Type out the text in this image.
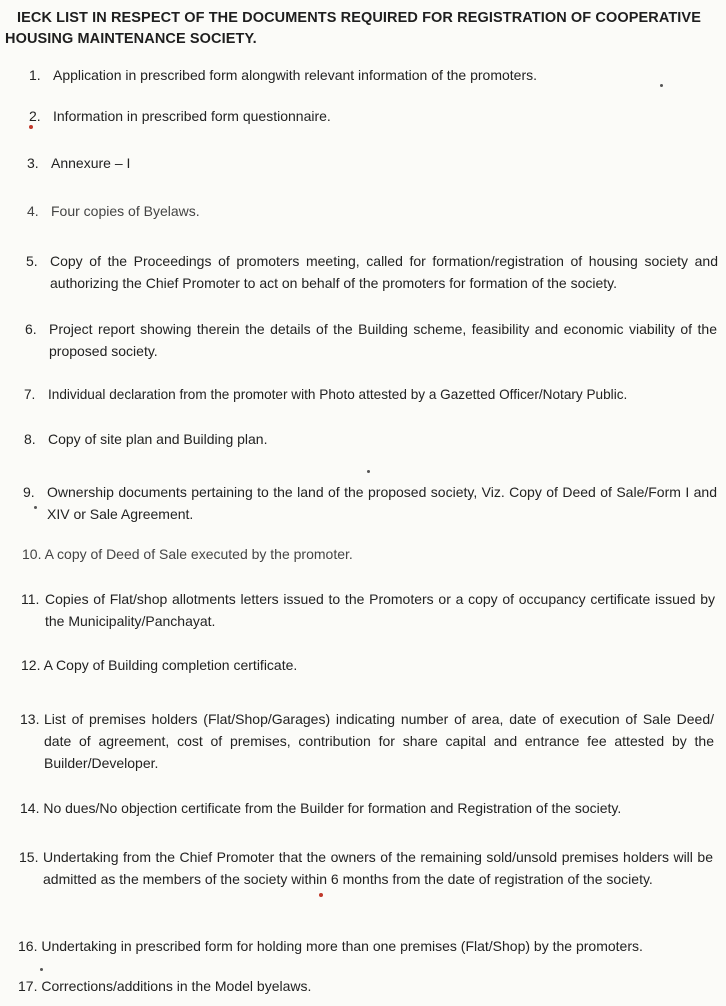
IECK LIST IN RESPECT OF THE DOCUMENTS REQUIRED FOR REGISTRATION OF COOPERATIVE
HOUSING MAINTENANCE SOCIETY.
1. Application in prescribed form alongwith relevant information of the promoters.
2. Information in prescribed form questionnaire.
3. Annexure – I
4. Four copies of Byelaws.
5. Copy of the Proceedings of promoters meeting, called for formation/registration of housing society and authorizing the Chief Promoter to act on behalf of the promoters for formation of the society.
6. Project report showing therein the details of the Building scheme, feasibility and economic viability of the proposed society.
7. Individual declaration from the promoter with Photo attested by a Gazetted Officer/Notary Public.
8. Copy of site plan and Building plan.
9. Ownership documents pertaining to the land of the proposed society, Viz. Copy of Deed of Sale/Form I and XIV or Sale Agreement.
10. A copy of Deed of Sale executed by the promoter.
11. Copies of Flat/shop allotments letters issued to the Promoters or a copy of occupancy certificate issued by the Municipality/Panchayat.
12. A Copy of Building completion certificate.
13. List of premises holders (Flat/Shop/Garages) indicating number of area, date of execution of Sale Deed/ date of agreement, cost of premises, contribution for share capital and entrance fee attested by the Builder/Developer.
14. No dues/No objection certificate from the Builder for formation and Registration of the society.
15. Undertaking from the Chief Promoter that the owners of the remaining sold/unsold premises holders will be admitted as the members of the society within 6 months from the date of registration of the society.
16. Undertaking in prescribed form for holding more than one premises (Flat/Shop) by the promoters.
17. Corrections/additions in the Model byelaws.
